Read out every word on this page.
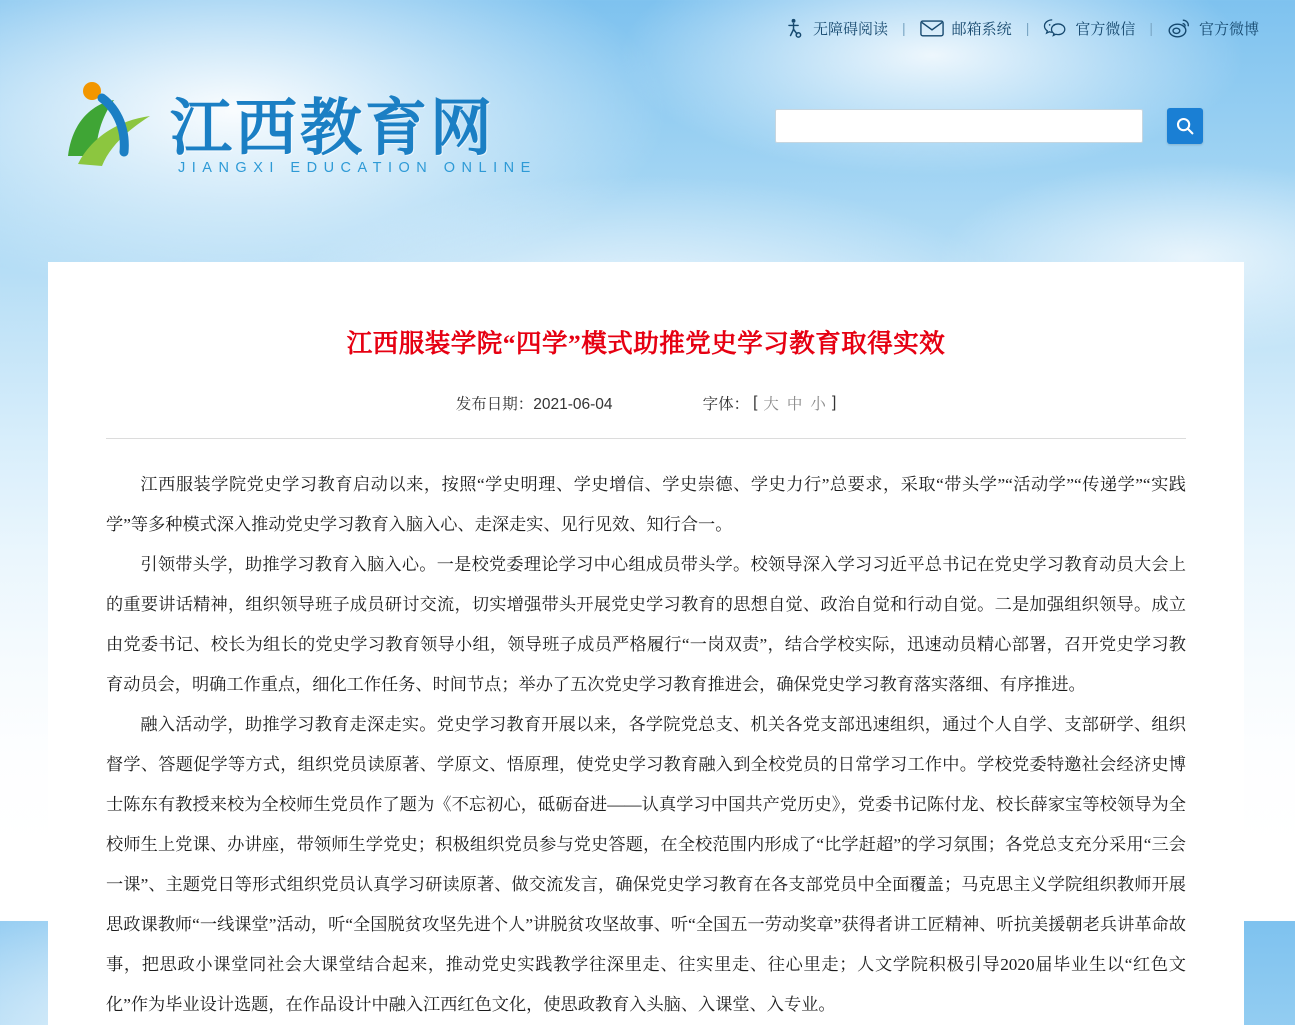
无障碍阅读 |	邮箱系统 |	官方微信 |	官方微博
江西教育网
JIANGXI EDUCATION ONLINE
江西服装学院“四学”模式助推党史学习教育取得实效
发布日期：2021-06-04	字体： [ 大 中 小 ]

江西服装学院党史学习教育启动以来，按照“学史明理、学史增信、学史崇德、学史力行”总要求，采取“带头学”“活动学”“传递学”“实践学”等多种模式深入推动党史学习教育入脑入心、走深走实、见行见效、知行合一。

引领带头学，助推学习教育入脑入心。一是校党委理论学习中心组成员带头学。校领导深入学习习近平总书记在党史学习教育动员大会上的重要讲话精神，组织领导班子成员研讨交流，切实增强带头开展党史学习教育的思想自觉、政治自觉和行动自觉。二是加强组织领导。成立由党委书记、校长为组长的党史学习教育领导小组，领导班子成员严格履行“一岗双责”，结合学校实际，迅速动员精心部署，召开党史学习教育动员会，明确工作重点，细化工作任务、时间节点；举办了五次党史学习教育推进会，确保党史学习教育落实落细、有序推进。

融入活动学，助推学习教育走深走实。党史学习教育开展以来，各学院党总支、机关各党支部迅速组织，通过个人自学、支部研学、组织督学、答题促学等方式，组织党员读原著、学原文、悟原理，使党史学习教育融入到全校党员的日常学习工作中。学校党委特邀社会经济史博士陈东有教授来校为全校师生党员作了题为《不忘初心，砥砺奋进——认真学习中国共产党历史》，党委书记陈付龙、校长薛家宝等校领导为全校师生上党课、办讲座，带领师生学党史；积极组织党员参与党史答题，在全校范围内形成了“比学赶超”的学习氛围；各党总支充分采用“三会一课”、主题党日等形式组织党员认真学习研读原著、做交流发言，确保党史学习教育在各支部党员中全面覆盖；马克思主义学院组织教师开展思政课教师“一线课堂”活动，听“全国脱贫攻坚先进个人”讲脱贫攻坚故事、听“全国五一劳动奖章”获得者讲工匠精神、听抗美援朝老兵讲革命故事，把思政小课堂同社会大课堂结合起来，推动党史实践教学往深里走、往实里走、往心里走；人文学院积极引导2020届毕业生以“红色文化”作为毕业设计选题，在作品设计中融入江西红色文化，使思政教育入头脑、入课堂、入专业。
